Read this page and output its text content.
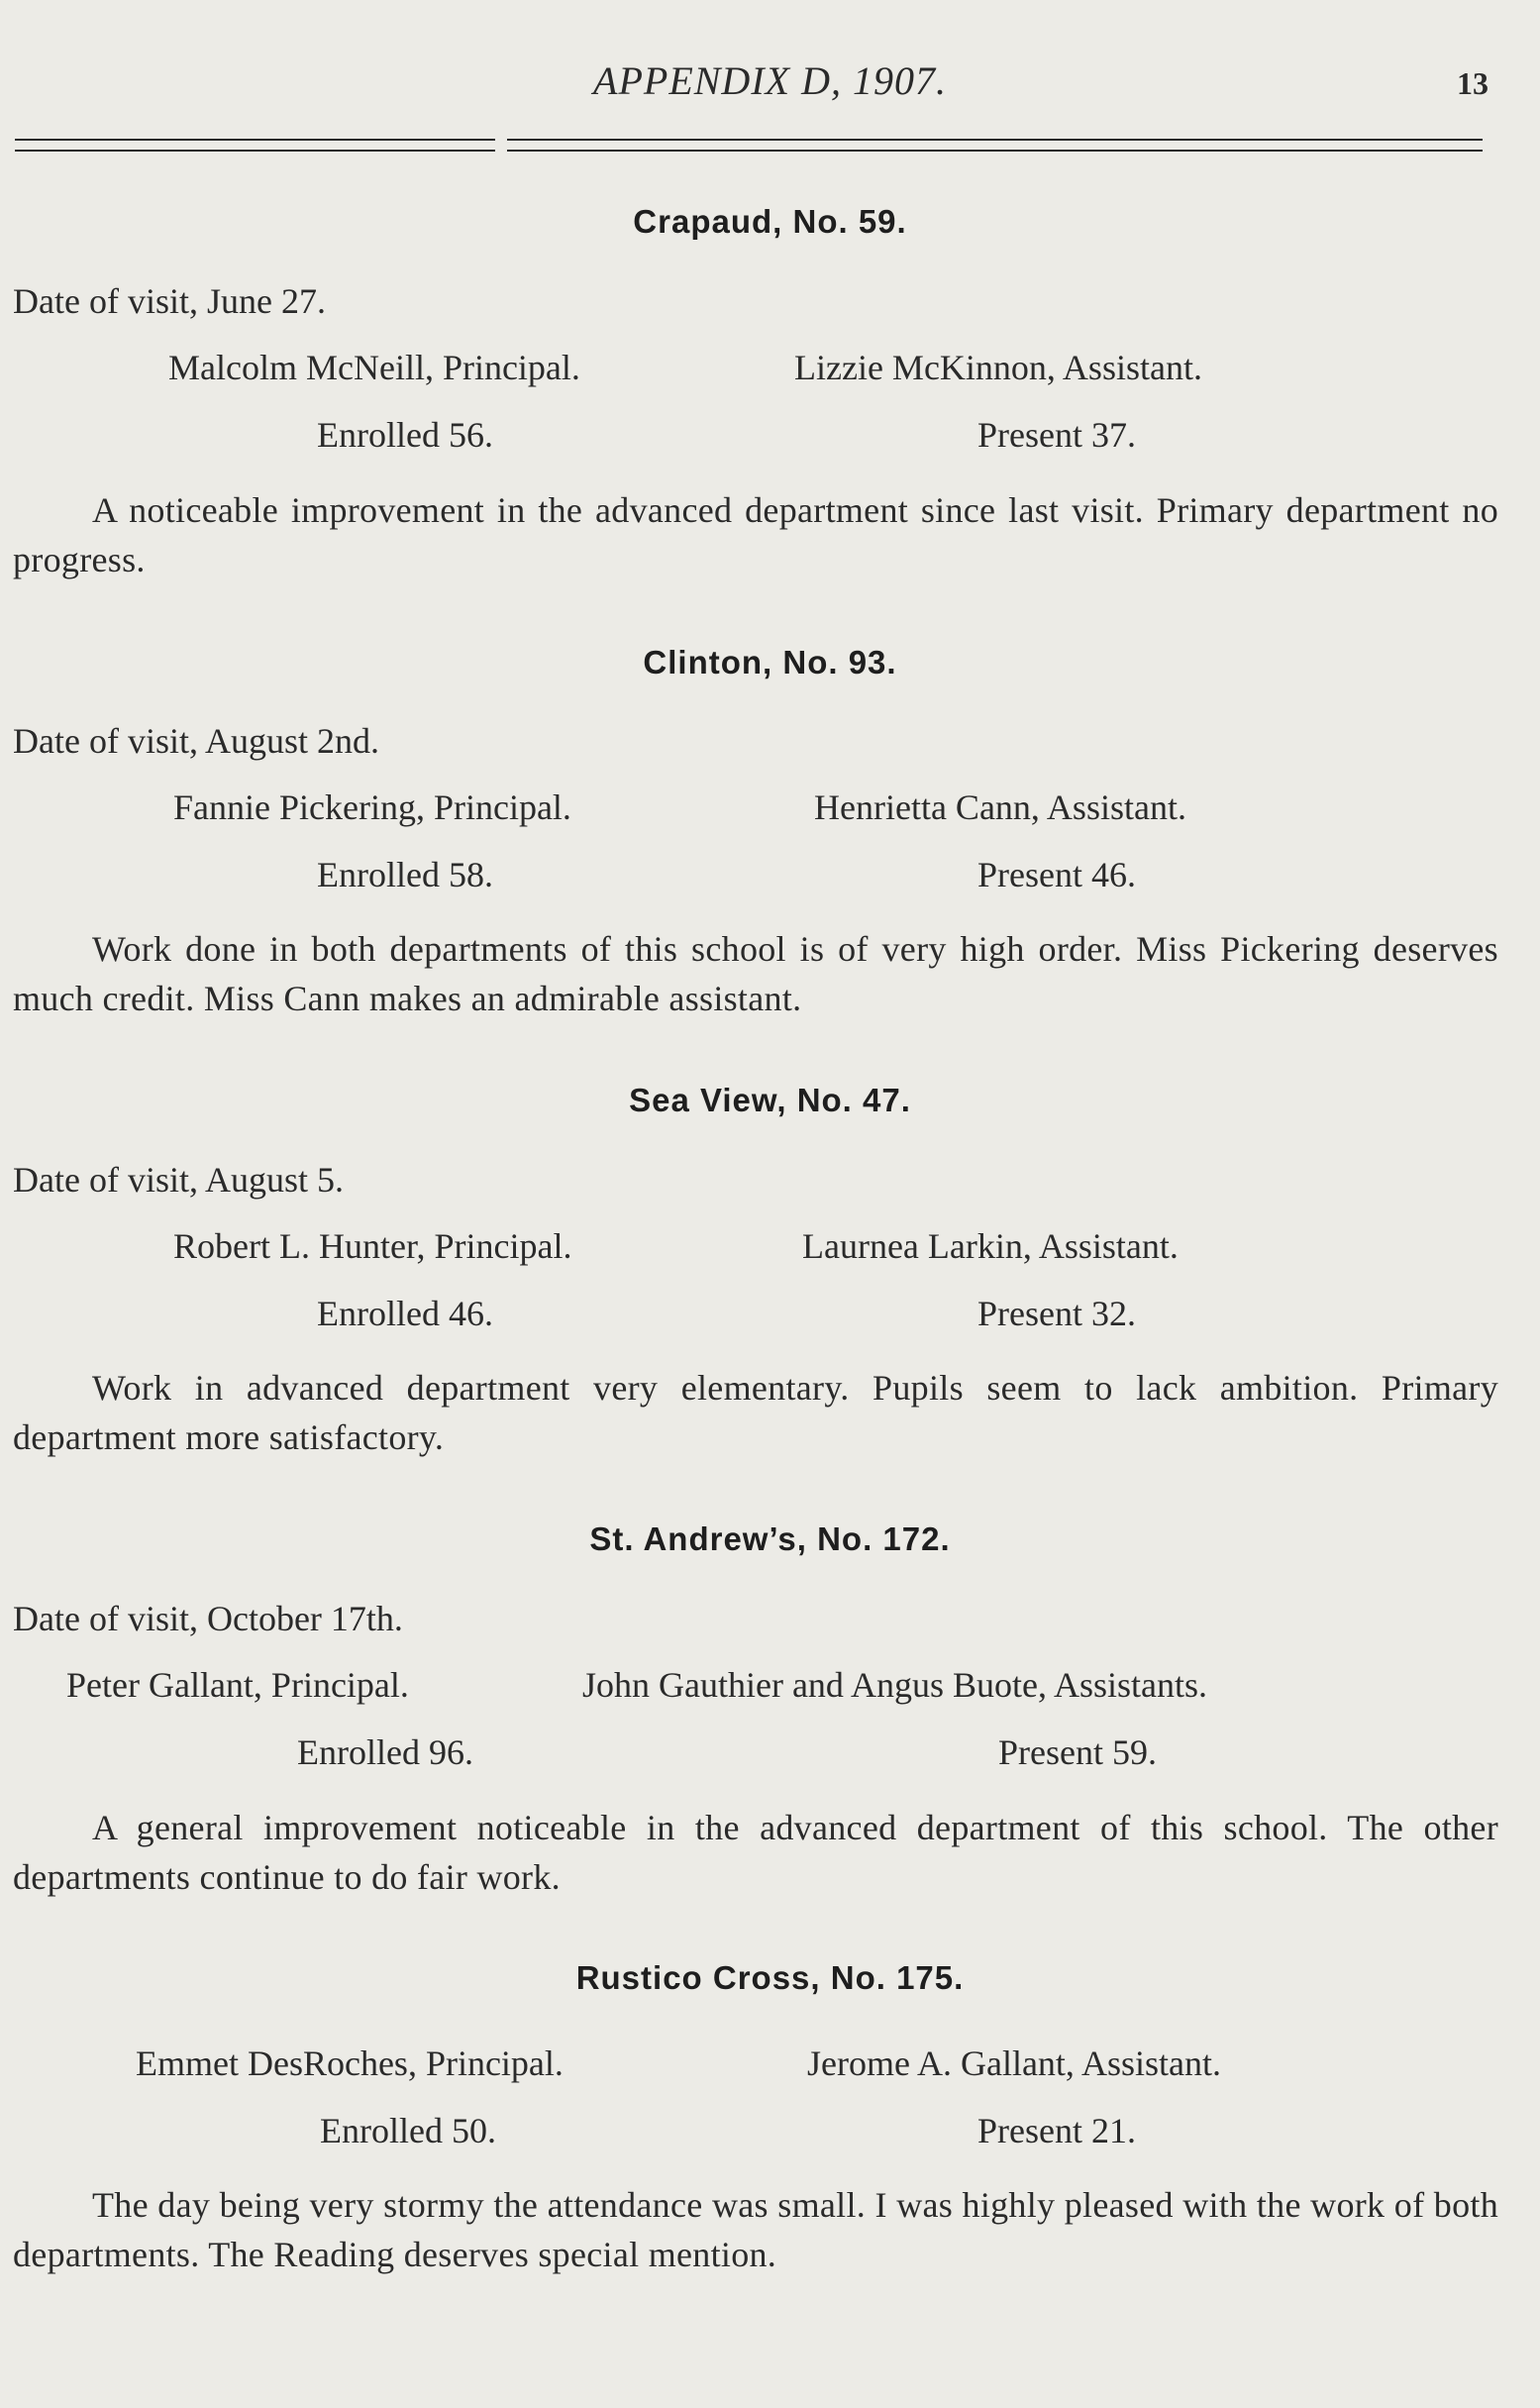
APPENDIX D, 1907.	13
Crapaud, No. 59.
Date of visit, June 27.
Malcolm McNeill, Principal.	Lizzie McKinnon, Assistant.
Enrolled 56.	Present 37.
A noticeable improvement in the advanced department since last visit. Primary department no progress.
Clinton, No. 93.
Date of visit, August 2nd.
Fannie Pickering, Principal.	Henrietta Cann, Assistant.
Enrolled 58.	Present 46.
Work done in both departments of this school is of very high order. Miss Pickering deserves much credit. Miss Cann makes an admirable assistant.
Sea View, No. 47.
Date of visit, August 5.
Robert L. Hunter, Principal.	Laurnea Larkin, Assistant.
Enrolled 46.	Present 32.
Work in advanced department very elementary. Pupils seem to lack ambition. Primary department more satisfactory.
St. Andrew’s, No. 172.
Date of visit, October 17th.
Peter Gallant, Principal.	John Gauthier and Angus Buote, Assistants.
Enrolled 96.	Present 59.
A general improvement noticeable in the advanced department of this school. The other departments continue to do fair work.
Rustico Cross, No. 175.
Emmet DesRoches, Principal.	Jerome A. Gallant, Assistant.
Enrolled 50.	Present 21.
The day being very stormy the attendance was small. I was highly pleased with the work of both departments. The Reading deserves special mention.
